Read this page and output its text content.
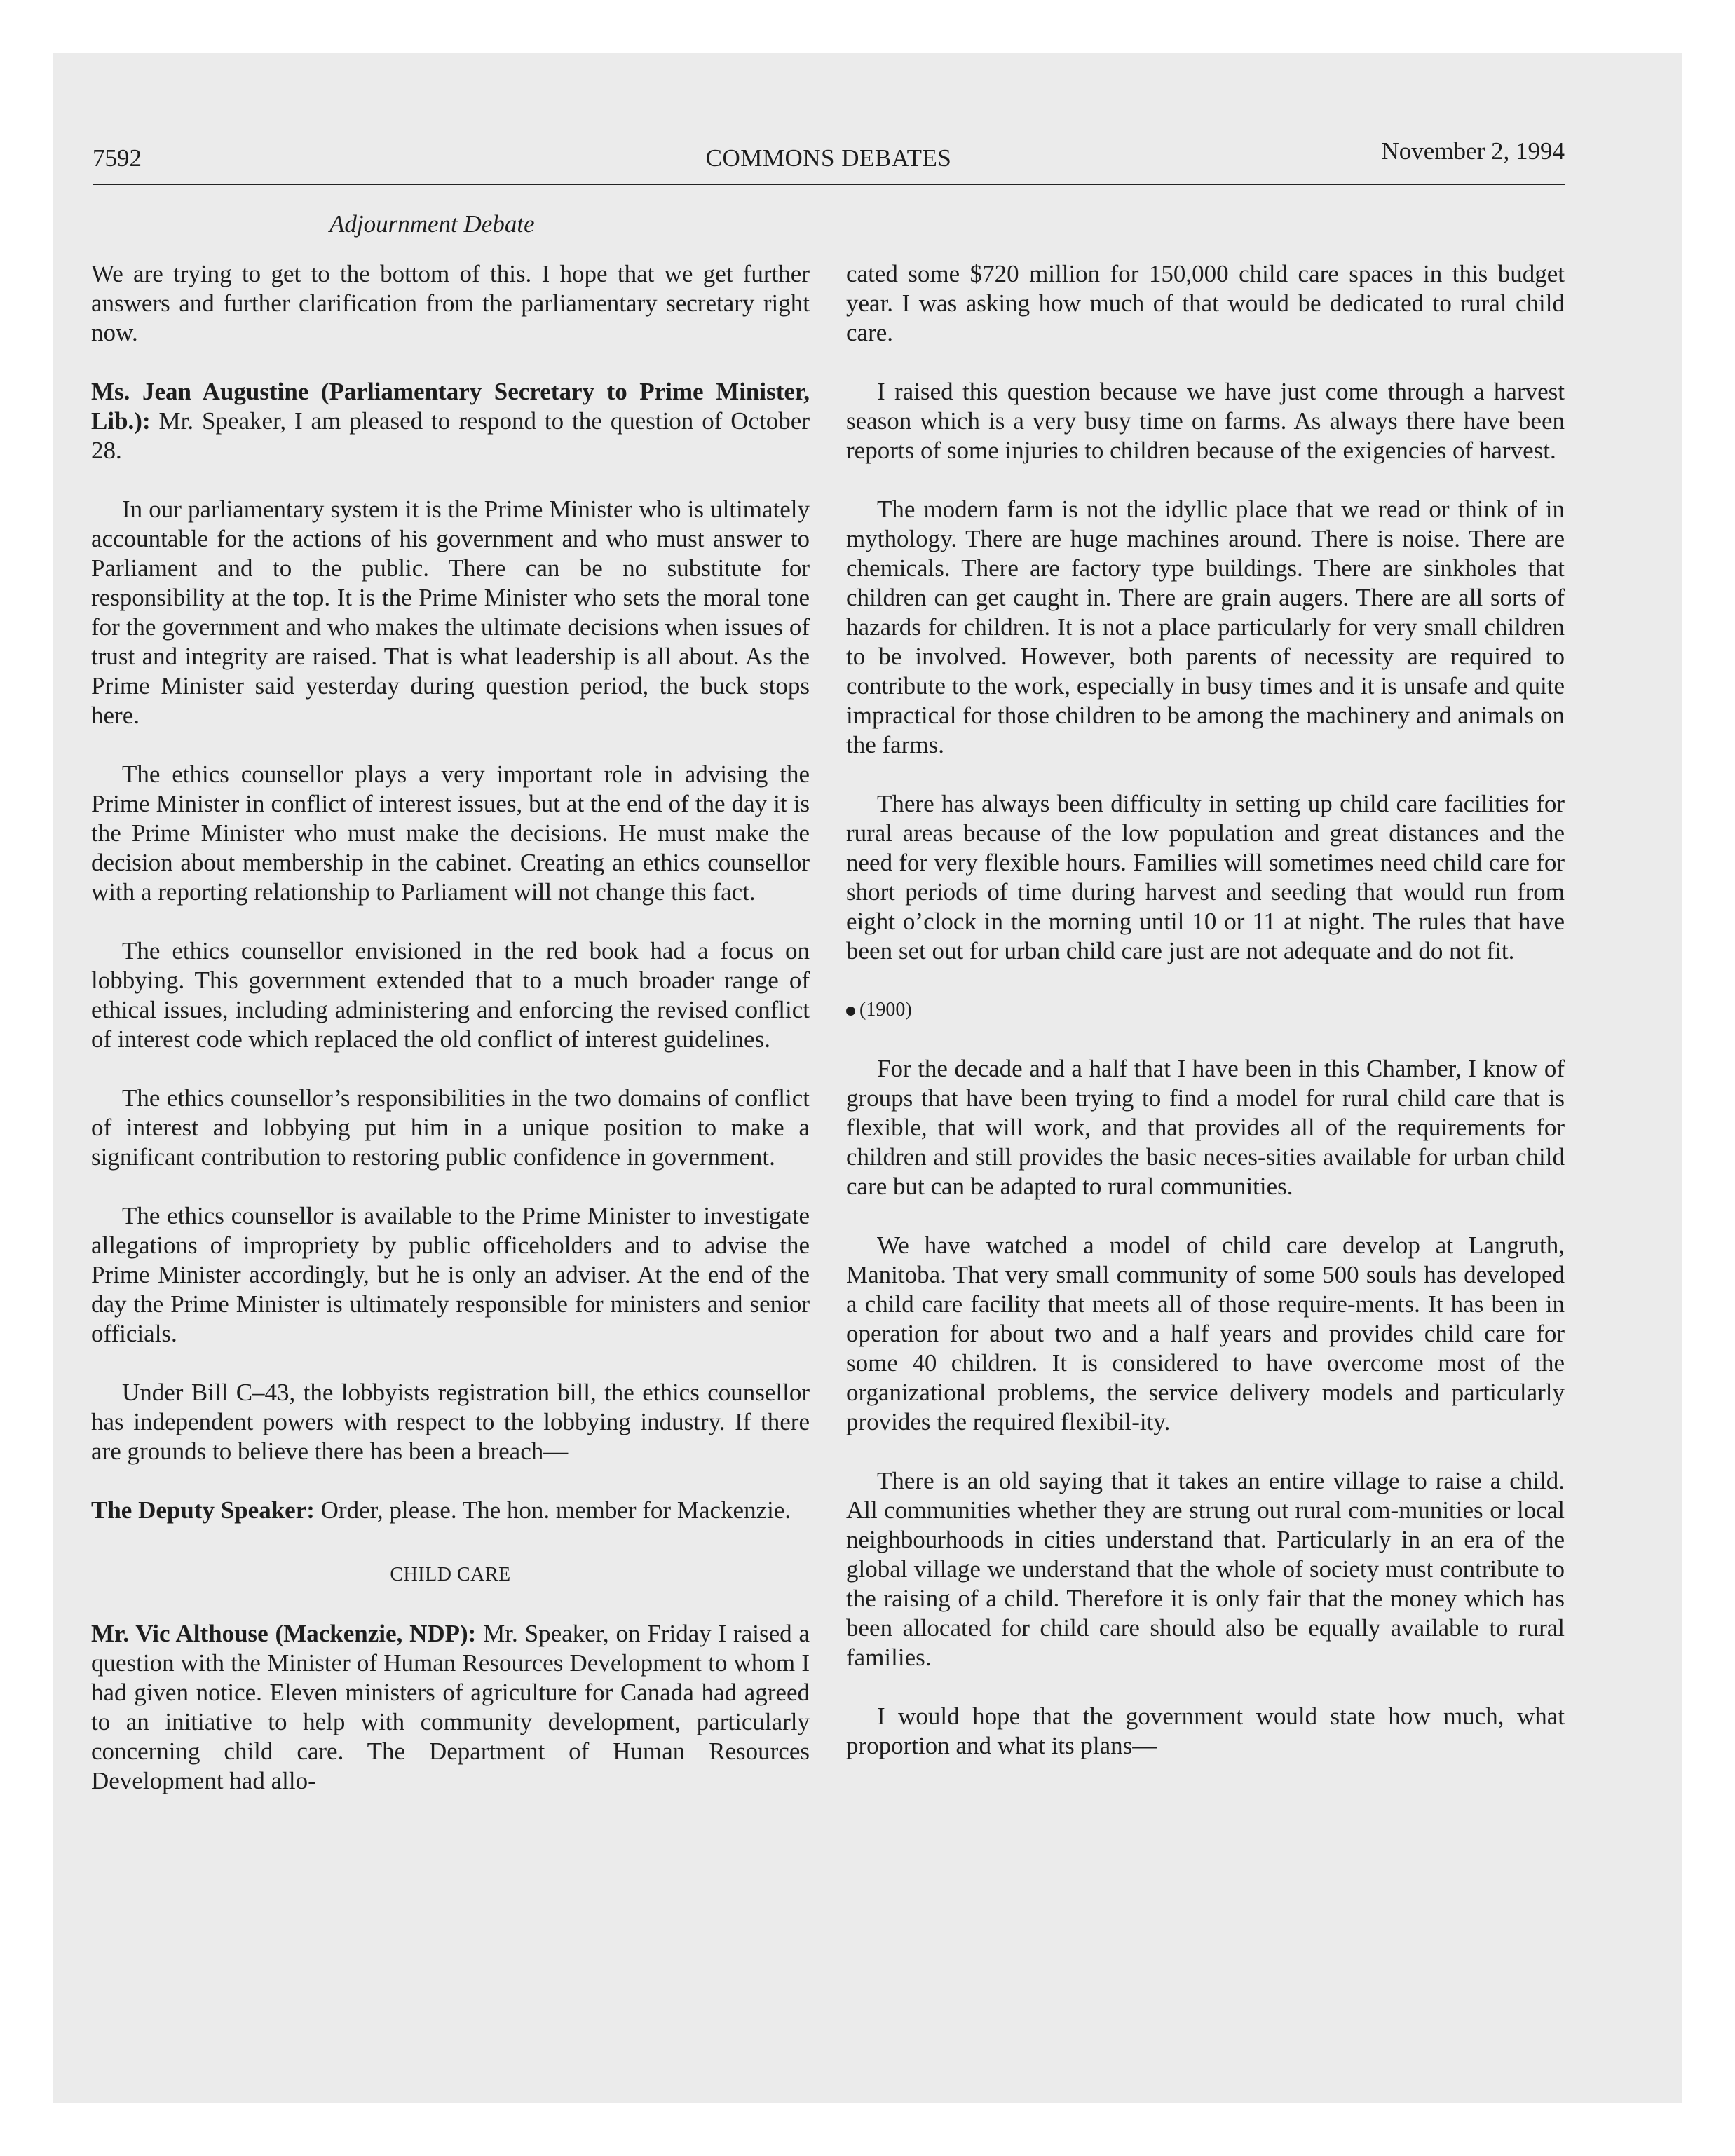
7592	COMMONS DEBATES	November 2, 1994
Adjournment Debate

We are trying to get to the bottom of this. I hope that we get further answers and further clarification from the parliamentary secretary right now.

Ms. Jean Augustine (Parliamentary Secretary to Prime Minister, Lib.): Mr. Speaker, I am pleased to respond to the question of October 28.

In our parliamentary system it is the Prime Minister who is ultimately accountable for the actions of his government and who must answer to Parliament and to the public. There can be no substitute for responsibility at the top. It is the Prime Minister who sets the moral tone for the government and who makes the ultimate decisions when issues of trust and integrity are raised. That is what leadership is all about. As the Prime Minister said yesterday during question period, the buck stops here.

The ethics counsellor plays a very important role in advising the Prime Minister in conflict of interest issues, but at the end of the day it is the Prime Minister who must make the decisions. He must make the decision about membership in the cabinet. Creating an ethics counsellor with a reporting relationship to Parliament will not change this fact.

The ethics counsellor envisioned in the red book had a focus on lobbying. This government extended that to a much broader range of ethical issues, including administering and enforcing the revised conflict of interest code which replaced the old conflict of interest guidelines.

The ethics counsellor’s responsibilities in the two domains of conflict of interest and lobbying put him in a unique position to make a significant contribution to restoring public confidence in government.

The ethics counsellor is available to the Prime Minister to investigate allegations of impropriety by public officeholders and to advise the Prime Minister accordingly, but he is only an adviser. At the end of the day the Prime Minister is ultimately responsible for ministers and senior officials.

Under Bill C–43, the lobbyists registration bill, the ethics counsellor has independent powers with respect to the lobbying industry. If there are grounds to believe there has been a breach—

The Deputy Speaker: Order, please. The hon. member for Mackenzie.

CHILD CARE

Mr. Vic Althouse (Mackenzie, NDP): Mr. Speaker, on Friday I raised a question with the Minister of Human Resources Development to whom I had given notice. Eleven ministers of agriculture for Canada had agreed to an initiative to help with community development, particularly concerning child care. The Department of Human Resources Development had allo-

cated some $720 million for 150,000 child care spaces in this budget year. I was asking how much of that would be dedicated to rural child care.

I raised this question because we have just come through a harvest season which is a very busy time on farms. As always there have been reports of some injuries to children because of the exigencies of harvest.

The modern farm is not the idyllic place that we read or think of in mythology. There are huge machines around. There is noise. There are chemicals. There are factory type buildings. There are sinkholes that children can get caught in. There are grain augers. There are all sorts of hazards for children. It is not a place particularly for very small children to be involved. However, both parents of necessity are required to contribute to the work, especially in busy times and it is unsafe and quite impractical for those children to be among the machinery and animals on the farms.

There has always been difficulty in setting up child care facilities for rural areas because of the low population and great distances and the need for very flexible hours. Families will sometimes need child care for short periods of time during harvest and seeding that would run from eight o’clock in the morning until 10 or 11 at night. The rules that have been set out for urban child care just are not adequate and do not fit.

(1900)

For the decade and a half that I have been in this Chamber, I know of groups that have been trying to find a model for rural child care that is flexible, that will work, and that provides all of the requirements for children and still provides the basic neces-sities available for urban child care but can be adapted to rural communities.

We have watched a model of child care develop at Langruth, Manitoba. That very small community of some 500 souls has developed a child care facility that meets all of those require-ments. It has been in operation for about two and a half years and provides child care for some 40 children. It is considered to have overcome most of the organizational problems, the service delivery models and particularly provides the required flexibil-ity.

There is an old saying that it takes an entire village to raise a child. All communities whether they are strung out rural com-munities or local neighbourhoods in cities understand that. Particularly in an era of the global village we understand that the whole of society must contribute to the raising of a child. Therefore it is only fair that the money which has been allocated for child care should also be equally available to rural families.

I would hope that the government would state how much, what proportion and what its plans—
